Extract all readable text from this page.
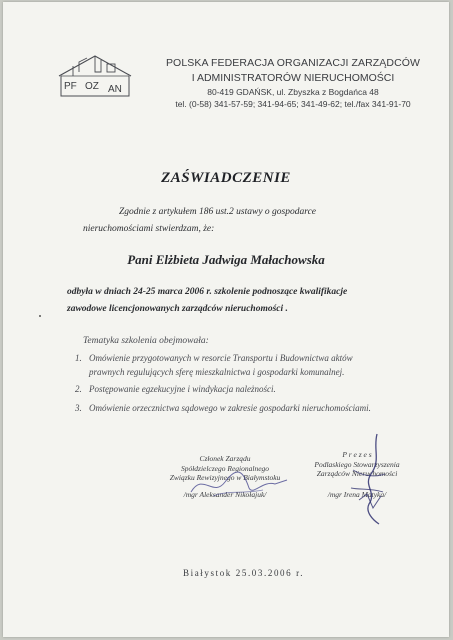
PF OZ AN
POLSKA FEDERACJA ORGANIZACJI ZARZĄDCÓW
I ADMINISTRATORÓW NIERUCHOMOŚCI
80-419 GDAŃSK, ul. Zbyszka z Bogdańca 48
tel. (0-58) 341-57-59; 341-94-65; 341-49-62; tel./fax 341-91-70
ZAŚWIADCZENIE
Zgodnie z artykułem 186 ust.2 ustawy o gospodarce
nieruchomościami stwierdzam, że:
Pani Elżbieta Jadwiga Małachowska
odbyła w dniach 24-25 marca 2006 r. szkolenie podnoszące kwalifikacje
zawodowe licencjonowanych zarządców nieruchomości .
Tematyka szkolenia obejmowała:
1. Omówienie przygotowanych w resorcie Transportu i Budownictwa aktów
prawnych regulujących sferę mieszkalnictwa i gospodarki komunalnej.
2. Postępowanie egzekucyjne i windykacja należności.
3. Omówienie orzecznictwa sądowego w zakresie gospodarki nieruchomościami.
Członek Zarządu
Spółdzielczego Regionalnego
Związku Rewizyjnego w Białymstoku
/mgr Aleksander Nikołajuk/
P r e z e s
Podlaskiego Stowarzyszenia
Zarządców Nieruchomości
/mgr Irena Matyka/
Białystok 25.03.2006 r.
